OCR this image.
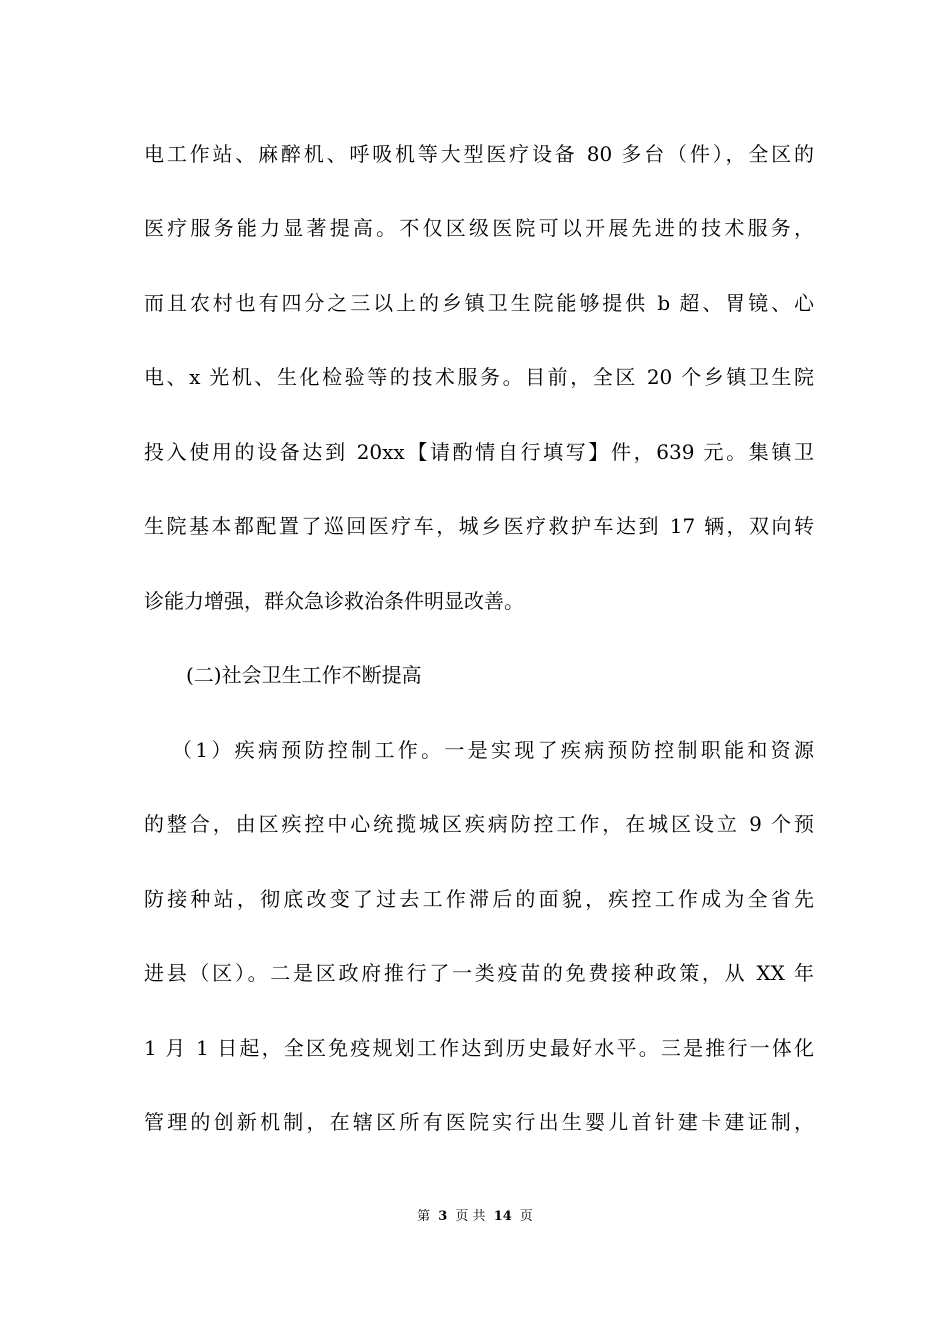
电工作站、麻醉机、呼吸机等大型医疗设备 80 多台（件），全区的
医疗服务能力显著提高。不仅区级医院可以开展先进的技术服务，
而且农村也有四分之三以上的乡镇卫生院能够提供 b 超、胃镜、心
电、x 光机、生化检验等的技术服务。目前，全区 20 个乡镇卫生院
投入使用的设备达到 20xx【请酌情自行填写】件，639 元。集镇卫
生院基本都配置了巡回医疗车，城乡医疗救护车达到 17 辆，双向转
诊能力增强，群众急诊救治条件明显改善。
(二)社会卫生工作不断提高
（1）疾病预防控制工作。一是实现了疾病预防控制职能和资源
的整合，由区疾控中心统揽城区疾病防控工作，在城区设立 9 个预
防接种站，彻底改变了过去工作滞后的面貌，疾控工作成为全省先
进县（区）。二是区政府推行了一类疫苗的免费接种政策，从 XX 年
1 月 1 日起，全区免疫规划工作达到历史最好水平。三是推行一体化
管理的创新机制，在辖区所有医院实行出生婴儿首针建卡建证制，
第 3 页 共 14 页
